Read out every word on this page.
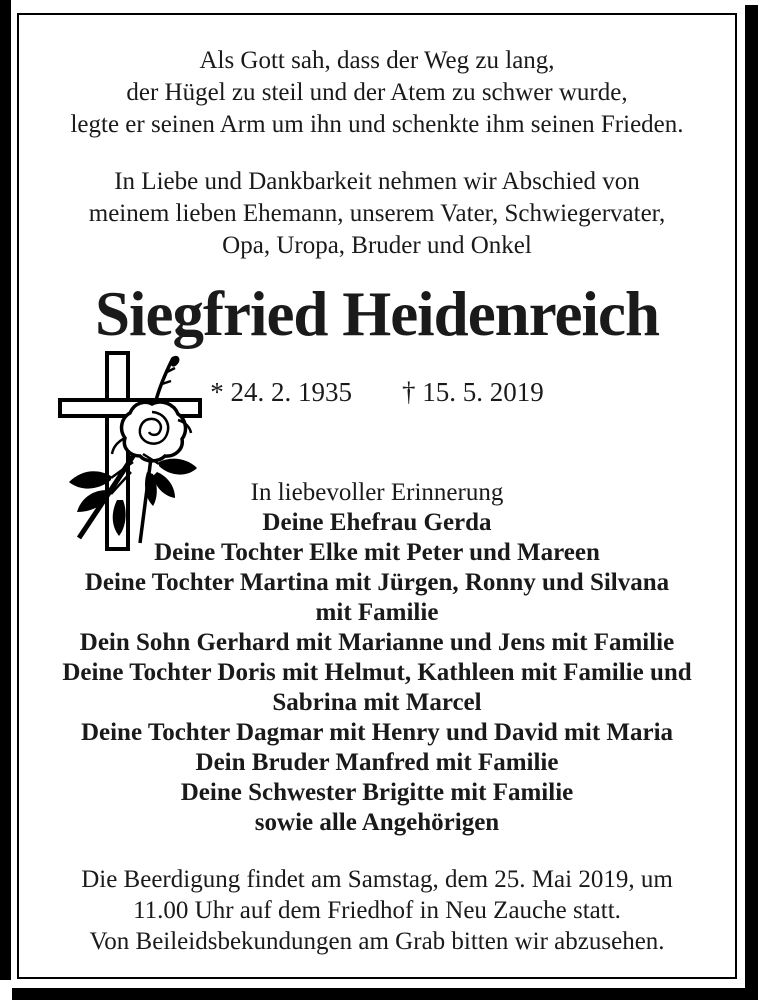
Als Gott sah, dass der Weg zu lang,
der Hügel zu steil und der Atem zu schwer wurde,
legte er seinen Arm um ihn und schenkte ihm seinen Frieden.
In Liebe und Dankbarkeit nehmen wir Abschied von
meinem lieben Ehemann, unserem Vater, Schwiegervater,
Opa, Uropa, Bruder und Onkel
Siegfried Heidenreich
* 24. 2. 1935 † 15. 5. 2019
In liebevoller Erinnerung
Deine Ehefrau Gerda
Deine Tochter Elke mit Peter und Mareen
Deine Tochter Martina mit Jürgen, Ronny und Silvana
mit Familie
Dein Sohn Gerhard mit Marianne und Jens mit Familie
Deine Tochter Doris mit Helmut, Kathleen mit Familie und
Sabrina mit Marcel
Deine Tochter Dagmar mit Henry und David mit Maria
Dein Bruder Manfred mit Familie
Deine Schwester Brigitte mit Familie
sowie alle Angehörigen
Die Beerdigung findet am Samstag, dem 25. Mai 2019, um
11.00 Uhr auf dem Friedhof in Neu Zauche statt.
Von Beileidsbekundungen am Grab bitten wir abzusehen.
